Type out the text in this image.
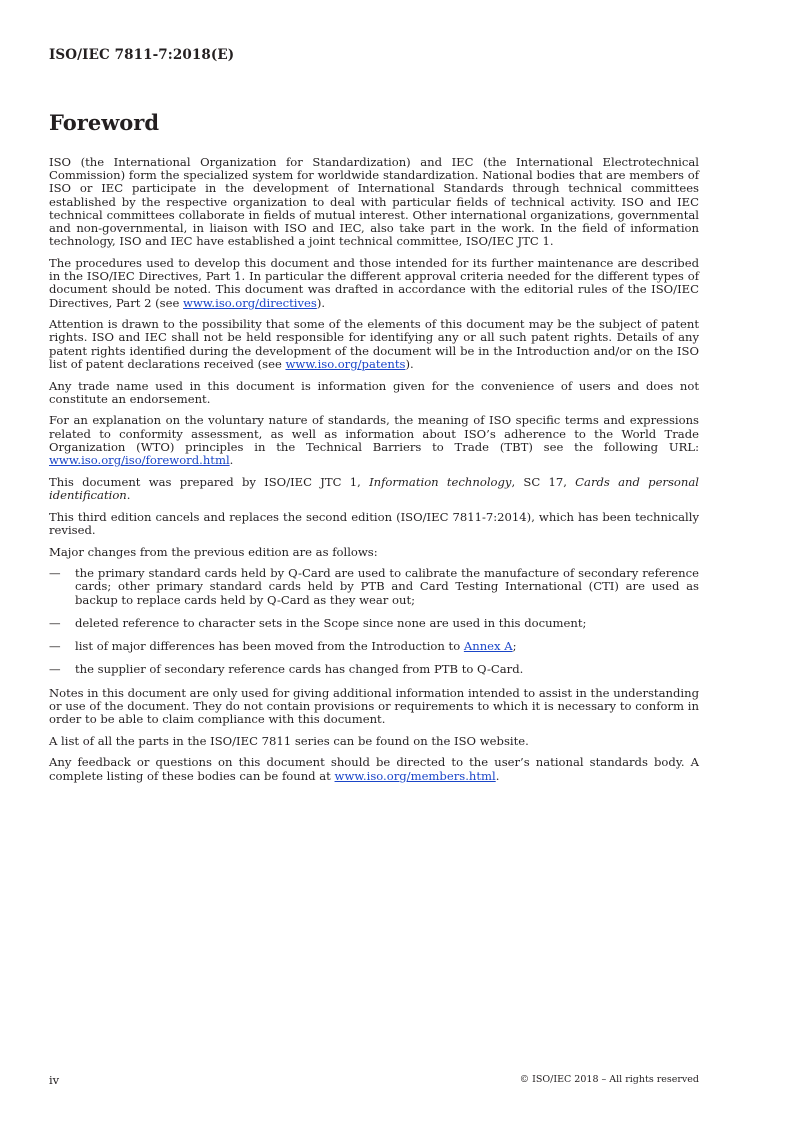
ISO/IEC 7811-7:2018(E)
Foreword

ISO (the International Organization for Standardization) and IEC (the International Electrotechnical Commission) form the specialized system for worldwide standardization. National bodies that are members of ISO or IEC participate in the development of International Standards through technical committees established by the respective organization to deal with particular fields of technical activity. ISO and IEC technical committees collaborate in fields of mutual interest. Other international organizations, governmental and non-governmental, in liaison with ISO and IEC, also take part in the work. In the field of information technology, ISO and IEC have established a joint technical committee, ISO/IEC JTC 1.

The procedures used to develop this document and those intended for its further maintenance are described in the ISO/IEC Directives, Part 1. In particular the different approval criteria needed for the different types of document should be noted. This document was drafted in accordance with the editorial rules of the ISO/IEC Directives, Part 2 (see www.iso.org/directives).

Attention is drawn to the possibility that some of the elements of this document may be the subject of patent rights. ISO and IEC shall not be held responsible for identifying any or all such patent rights. Details of any patent rights identified during the development of the document will be in the Introduction and/or on the ISO list of patent declarations received (see www.iso.org/patents).

Any trade name used in this document is information given for the convenience of users and does not constitute an endorsement.

For an explanation on the voluntary nature of standards, the meaning of ISO specific terms and expressions related to conformity assessment, as well as information about ISO’s adherence to the World Trade Organization (WTO) principles in the Technical Barriers to Trade (TBT) see the following URL: www.iso.org/iso/foreword.html.

This document was prepared by ISO/IEC JTC 1, Information technology, SC 17, Cards and personal identification.

This third edition cancels and replaces the second edition (ISO/IEC 7811-7:2014), which has been technically revised.

Major changes from the previous edition are as follows:

— the primary standard cards held by Q-Card are used to calibrate the manufacture of secondary reference cards; other primary standard cards held by PTB and Card Testing International (CTI) are used as backup to replace cards held by Q-Card as they wear out;
— deleted reference to character sets in the Scope since none are used in this document;
— list of major differences has been moved from the Introduction to Annex A;
— the supplier of secondary reference cards has changed from PTB to Q-Card.

Notes in this document are only used for giving additional information intended to assist in the understanding or use of the document. They do not contain provisions or requirements to which it is necessary to conform in order to be able to claim compliance with this document.

A list of all the parts in the ISO/IEC 7811 series can be found on the ISO website.

Any feedback or questions on this document should be directed to the user’s national standards body. A complete listing of these bodies can be found at www.iso.org/members.html.

iv	© ISO/IEC 2018 – All rights reserved
